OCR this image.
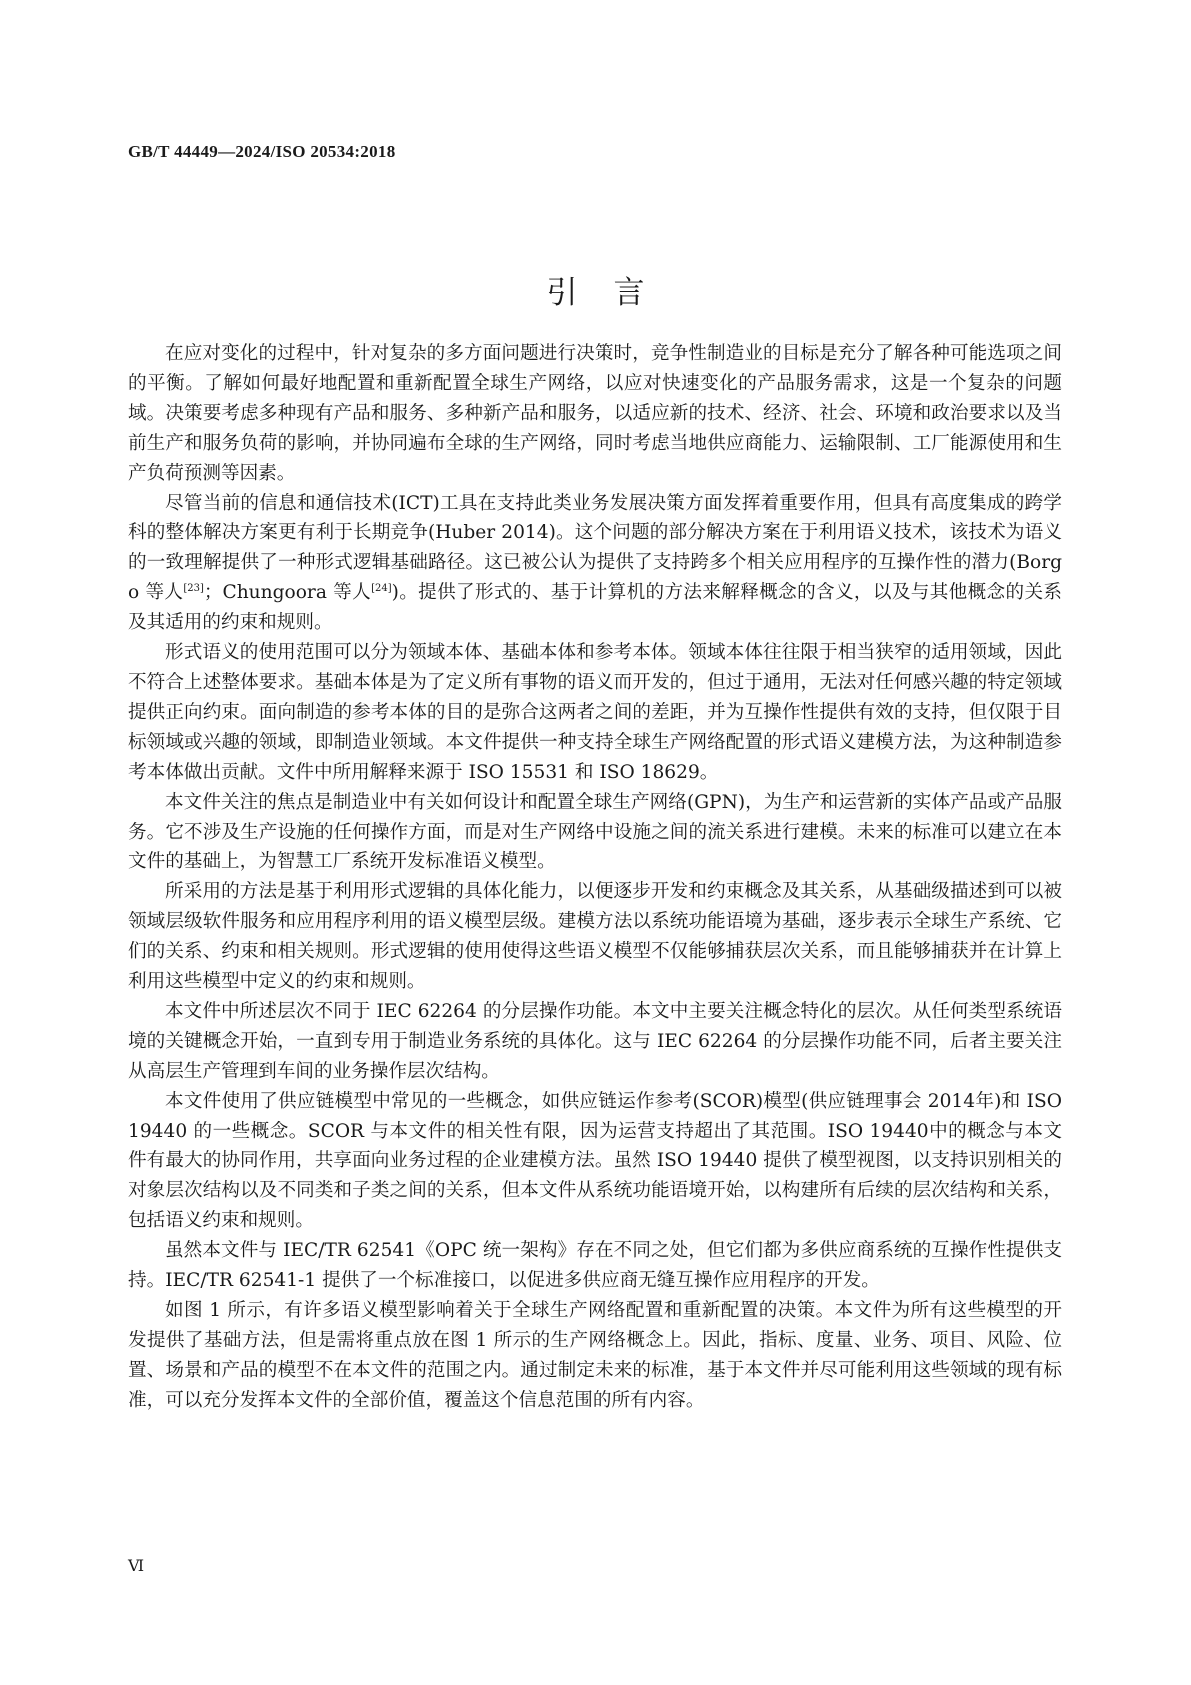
GB/T 44449—2024/ISO 20534:2018
引言

在应对变化的过程中，针对复杂的多方面问题进行决策时，竞争性制造业的目标是充分了解各种可能选项之间的平衡。了解如何最好地配置和重新配置全球生产网络，以应对快速变化的产品服务需求，这是一个复杂的问题域。决策要考虑多种现有产品和服务、多种新产品和服务，以适应新的技术、经济、社会、环境和政治要求以及当前生产和服务负荷的影响，并协同遍布全球的生产网络，同时考虑当地供应商能力、运输限制、工厂能源使用和生产负荷预测等因素。

尽管当前的信息和通信技术(ICT)工具在支持此类业务发展决策方面发挥着重要作用，但具有高度集成的跨学科的整体解决方案更有利于长期竞争(Huber 2014)。这个问题的部分解决方案在于利用语义技术，该技术为语义的一致理解提供了一种形式逻辑基础路径。这已被公认为提供了支持跨多个相关应用程序的互操作性的潜力(Borgo 等人[23]；Chungoora 等人[24])。提供了形式的、基于计算机的方法来解释概念的含义，以及与其他概念的关系及其适用的约束和规则。

形式语义的使用范围可以分为领域本体、基础本体和参考本体。领域本体往往限于相当狭窄的适用领域，因此不符合上述整体要求。基础本体是为了定义所有事物的语义而开发的，但过于通用，无法对任何感兴趣的特定领域提供正向约束。面向制造的参考本体的目的是弥合这两者之间的差距，并为互操作性提供有效的支持，但仅限于目标领域或兴趣的领域，即制造业领域。本文件提供一种支持全球生产网络配置的形式语义建模方法，为这种制造参考本体做出贡献。文件中所用解释来源于 ISO 15531 和 ISO 18629。

本文件关注的焦点是制造业中有关如何设计和配置全球生产网络(GPN)，为生产和运营新的实体产品或产品服务。它不涉及生产设施的任何操作方面，而是对生产网络中设施之间的流关系进行建模。未来的标准可以建立在本文件的基础上，为智慧工厂系统开发标准语义模型。

所采用的方法是基于利用形式逻辑的具体化能力，以便逐步开发和约束概念及其关系，从基础级描述到可以被领域层级软件服务和应用程序利用的语义模型层级。建模方法以系统功能语境为基础，逐步表示全球生产系统、它们的关系、约束和相关规则。形式逻辑的使用使得这些语义模型不仅能够捕获层次关系，而且能够捕获并在计算上利用这些模型中定义的约束和规则。

本文件中所述层次不同于 IEC 62264 的分层操作功能。本文中主要关注概念特化的层次。从任何类型系统语境的关键概念开始，一直到专用于制造业务系统的具体化。这与 IEC 62264 的分层操作功能不同，后者主要关注从高层生产管理到车间的业务操作层次结构。

本文件使用了供应链模型中常见的一些概念，如供应链运作参考(SCOR)模型(供应链理事会 2014年)和 ISO 19440 的一些概念。SCOR 与本文件的相关性有限，因为运营支持超出了其范围。ISO 19440中的概念与本文件有最大的协同作用，共享面向业务过程的企业建模方法。虽然 ISO 19440 提供了模型视图，以支持识别相关的对象层次结构以及不同类和子类之间的关系，但本文件从系统功能语境开始，以构建所有后续的层次结构和关系，包括语义约束和规则。

虽然本文件与 IEC/TR 62541《OPC 统一架构》存在不同之处，但它们都为多供应商系统的互操作性提供支持。IEC/TR 62541-1 提供了一个标准接口，以促进多供应商无缝互操作应用程序的开发。

如图 1 所示，有许多语义模型影响着关于全球生产网络配置和重新配置的决策。本文件为所有这些模型的开发提供了基础方法，但是需将重点放在图 1 所示的生产网络概念上。因此，指标、度量、业务、项目、风险、位置、场景和产品的模型不在本文件的范围之内。通过制定未来的标准，基于本文件并尽可能利用这些领域的现有标准，可以充分发挥本文件的全部价值，覆盖这个信息范围的所有内容。

Ⅵ
